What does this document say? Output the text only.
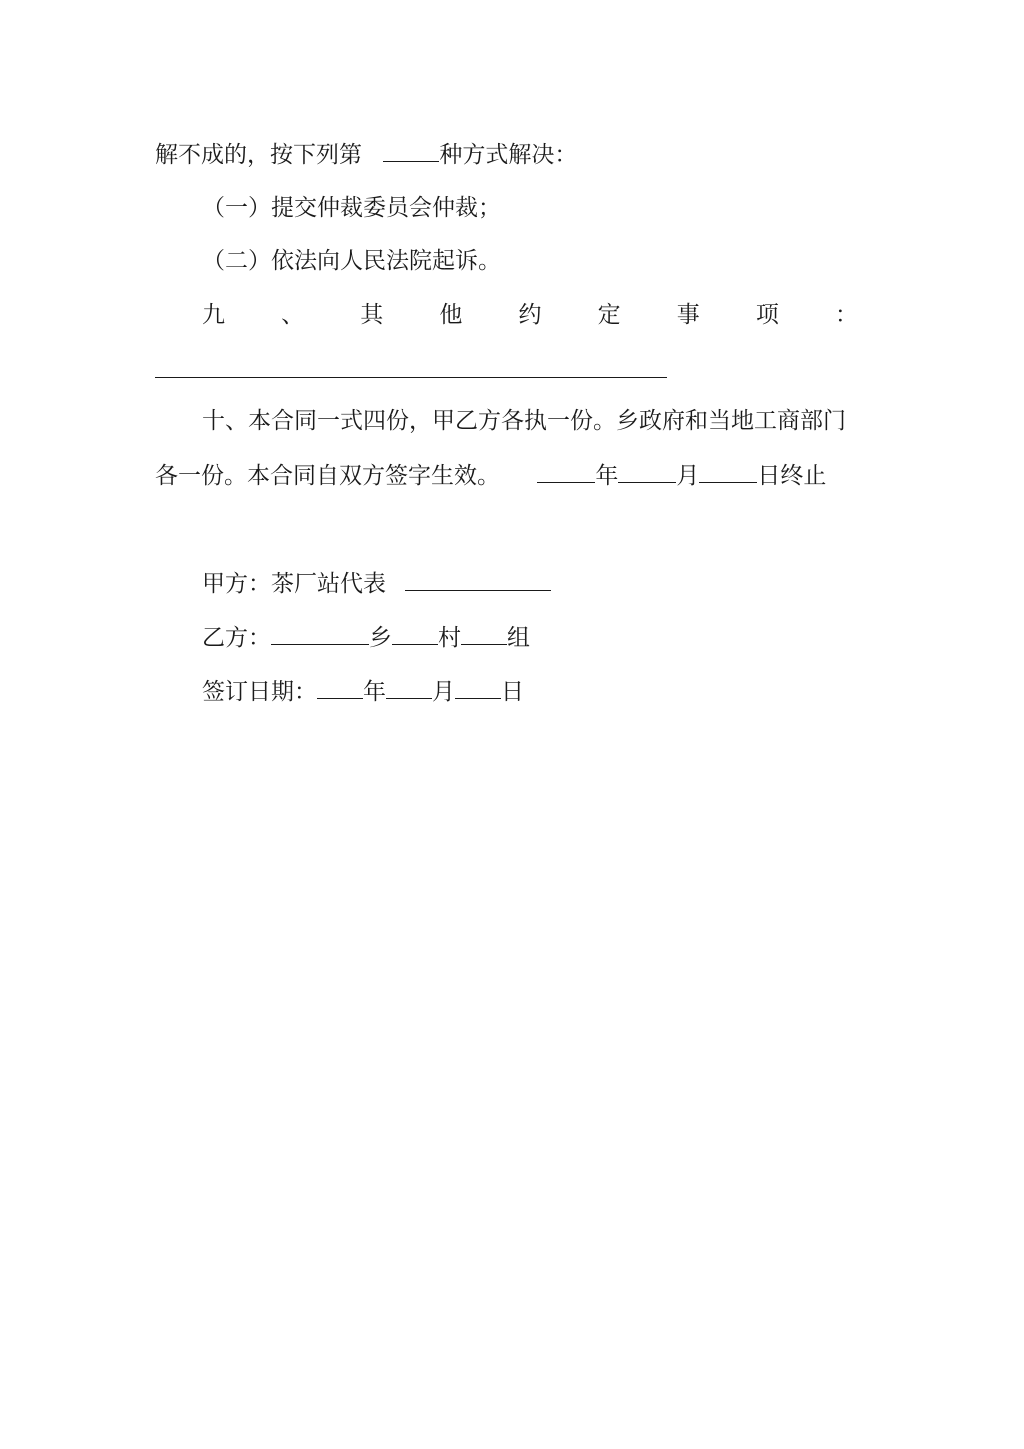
解不成的，按下列第	种方式解决：
（一）提交仲裁委员会仲裁；
（二）依法向人民法院起诉。
九 、 其 他 约 定 事 项 ：
十、本合同一式四份，甲乙方各执一份。乡政府和当地工商部门
各一份。本合同自双方签字生效。	年	月	日终止
甲方：茶厂站代表
乙方：	乡 村 组
签订日期： 年 月 日
